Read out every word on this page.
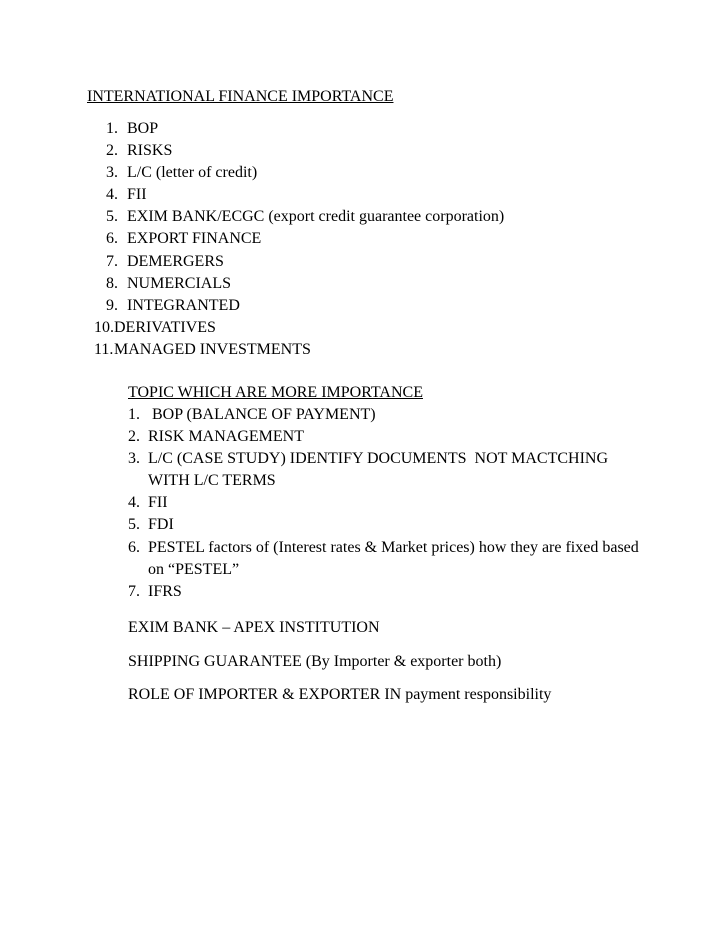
INTERNATIONAL FINANCE IMPORTANCE
1. BOP
2. RISKS
3. L/C (letter of credit)
4. FII
5. EXIM BANK/ECGC (export credit guarantee corporation)
6. EXPORT FINANCE
7. DEMERGERS
8. NUMERCIALS
9. INTEGRANTED
10. DERIVATIVES
11. MANAGED INVESTMENTS
TOPIC WHICH ARE MORE IMPORTANCE
1. BOP (BALANCE OF PAYMENT)
2. RISK MANAGEMENT
3. L/C (CASE STUDY) IDENTIFY DOCUMENTS  NOT MACTCHING WITH L/C TERMS
4. FII
5. FDI
6. PESTEL factors of (Interest rates & Market prices) how they are fixed based on “PESTEL”
7. IFRS
EXIM BANK – APEX INSTITUTION
SHIPPING GUARANTEE (By Importer & exporter both)
ROLE OF IMPORTER & EXPORTER IN payment responsibility
